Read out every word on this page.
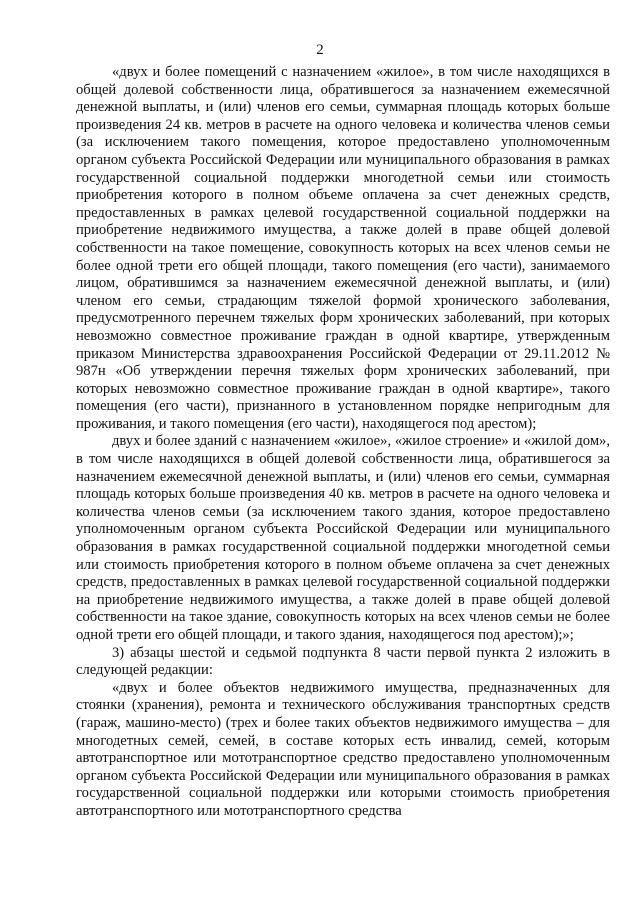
2

«двух и более помещений с назначением «жилое», в том числе находящихся в общей долевой собственности лица, обратившегося за назначением ежемесячной денежной выплаты, и (или) членов его семьи, суммарная площадь которых больше произведения 24 кв. метров в расчете на одного человека и количества членов семьи (за исключением такого помещения, которое предоставлено уполномоченным органом субъекта Российской Федерации или муниципального образования в рамках государственной социальной поддержки многодетной семьи или стоимость приобретения которого в полном объеме оплачена за счет денежных средств, предоставленных в рамках целевой государственной социальной поддержки на приобретение недвижимого имущества, а также долей в праве общей долевой собственности на такое помещение, совокупность которых на всех членов семьи не более одной трети его общей площади, такого помещения (его части), занимаемого лицом, обратившимся за назначением ежемесячной денежной выплаты, и (или) членом его семьи, страдающим тяжелой формой хронического заболевания, предусмотренного перечнем тяжелых форм хронических заболеваний, при которых невозможно совместное проживание граждан в одной квартире, утвержденным приказом Министерства здравоохранения Российской Федерации от 29.11.2012 № 987н «Об утверждении перечня тяжелых форм хронических заболеваний, при которых невозможно совместное проживание граждан в одной квартире», такого помещения (его части), признанного в установленном порядке непригодным для проживания, и такого помещения (его части), находящегося под арестом);

двух и более зданий с назначением «жилое», «жилое строение» и «жилой дом», в том числе находящихся в общей долевой собственности лица, обратившегося за назначением ежемесячной денежной выплаты, и (или) членов его семьи, суммарная площадь которых больше произведения 40 кв. метров в расчете на одного человека и количества членов семьи (за исключением такого здания, которое предоставлено уполномоченным органом субъекта Российской Федерации или муниципального образования в рамках государственной социальной поддержки многодетной семьи или стоимость приобретения которого в полном объеме оплачена за счет денежных средств, предоставленных в рамках целевой государственной социальной поддержки на приобретение недвижимого имущества, а также долей в праве общей долевой собственности на такое здание, совокупность которых на всех членов семьи не более одной трети его общей площади, и такого здания, находящегося под арестом);»;

3) абзацы шестой и седьмой подпункта 8 части первой пункта 2 изложить в следующей редакции:

«двух и более объектов недвижимого имущества, предназначенных для стоянки (хранения), ремонта и технического обслуживания транспортных средств (гараж, машино-место) (трех и более таких объектов недвижимого имущества – для многодетных семей, семей, в составе которых есть инвалид, семей, которым автотранспортное или мототранспортное средство предоставлено уполномоченным органом субъекта Российской Федерации или муниципального образования в рамках государственной социальной поддержки или которыми стоимость приобретения автотранспортного или мототранспортного средства
